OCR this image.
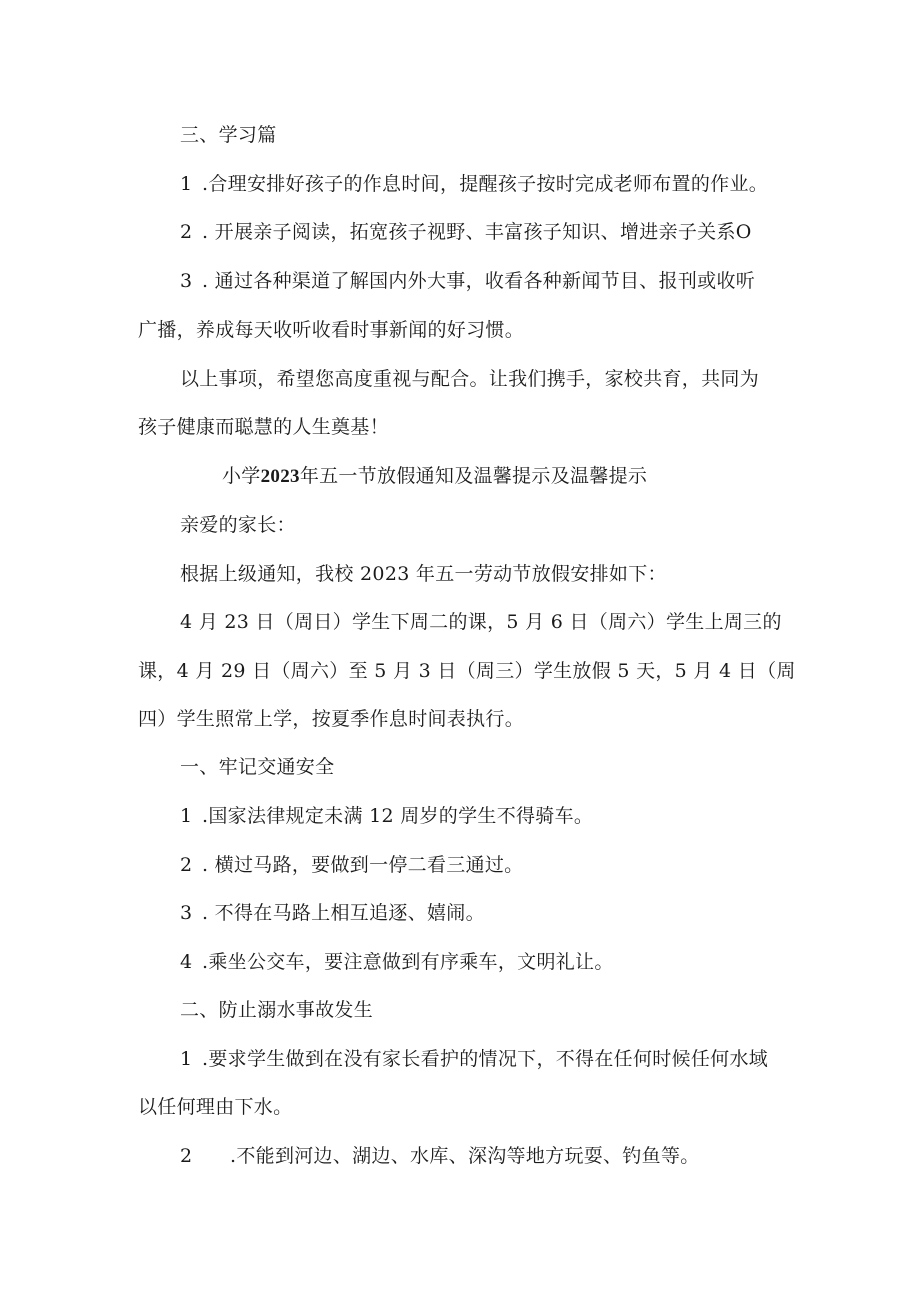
三、学习篇
1 .合理安排好孩子的作息时间，提醒孩子按时完成老师布置的作业。
2 . 开展亲子阅读，拓宽孩子视野、丰富孩子知识、增进亲子关系O
3 . 通过各种渠道了解国内外大事，收看各种新闻节目、报刊或收听
广播，养成每天收听收看时事新闻的好习惯。
以上事项，希望您高度重视与配合。让我们携手，家校共育，共同为
孩子健康而聪慧的人生奠基！
小学2023年五一节放假通知及温馨提示及温馨提示
亲爱的家长：
根据上级通知，我校 2023 年五一劳动节放假安排如下：
4 月 23 日（周日）学生下周二的课，5 月 6 日（周六）学生上周三的
课，4 月 29 日（周六）至 5 月 3 日（周三）学生放假 5 天，5 月 4 日（周
四）学生照常上学，按夏季作息时间表执行。
一、牢记交通安全
1 .国家法律规定未满 12 周岁的学生不得骑车。
2 . 横过马路，要做到一停二看三通过。
3 . 不得在马路上相互追逐、嬉闹。
4 .乘坐公交车，要注意做到有序乘车，文明礼让。
二、防止溺水事故发生
1 .要求学生做到在没有家长看护的情况下，不得在任何时候任何水域
以任何理由下水。
2 .不能到河边、湖边、水库、深沟等地方玩耍、钓鱼等。
